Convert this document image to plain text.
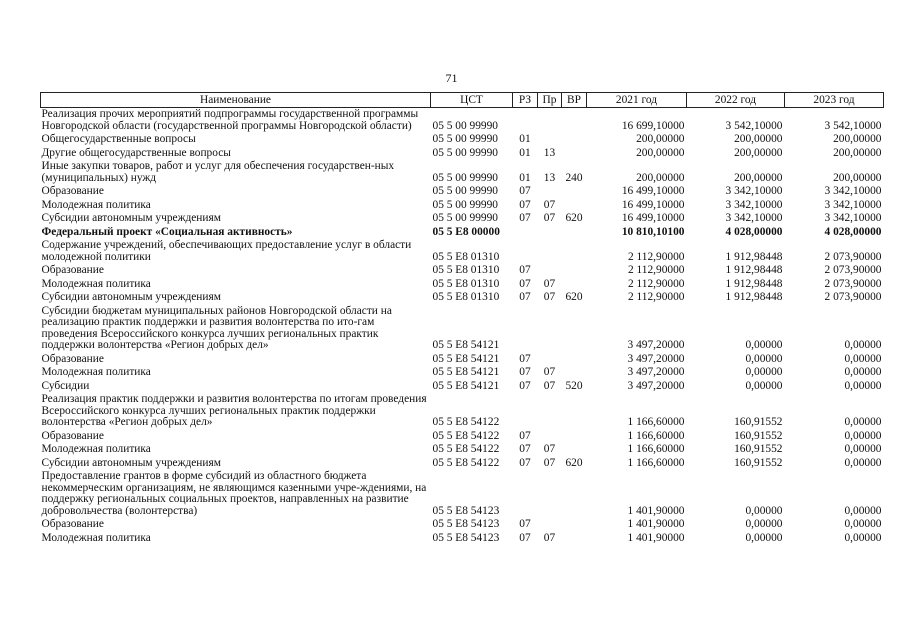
71
Наименование	ЦСТ	РЗ	Пр	ВР	2021 год	2022 год	2023 год
Реализация прочих мероприятий подпрограммы государственной программы Новгородской области (государственной программы Новгородской области)	05 5 00 99990				16 699,10000	3 542,10000	3 542,10000
Общегосударственные вопросы	05 5 00 99990	01			200,00000	200,00000	200,00000
Другие общегосударственные вопросы	05 5 00 99990	01	13		200,00000	200,00000	200,00000
Иные закупки товаров, работ и услуг для обеспечения государствен-ных (муниципальных) нужд	05 5 00 99990	01	13	240	200,00000	200,00000	200,00000
Образование	05 5 00 99990	07			16 499,10000	3 342,10000	3 342,10000
Молодежная политика	05 5 00 99990	07	07		16 499,10000	3 342,10000	3 342,10000
Субсидии автономным учреждениям	05 5 00 99990	07	07	620	16 499,10000	3 342,10000	3 342,10000
Федеральный проект «Социальная активность»	05 5 E8 00000				10 810,10100	4 028,00000	4 028,00000
Содержание учреждений, обеспечивающих предоставление услуг в области молодежной политики	05 5 E8 01310				2 112,90000	1 912,98448	2 073,90000
Образование	05 5 E8 01310	07			2 112,90000	1 912,98448	2 073,90000
Молодежная политика	05 5 E8 01310	07	07		2 112,90000	1 912,98448	2 073,90000
Субсидии автономным учреждениям	05 5 E8 01310	07	07	620	2 112,90000	1 912,98448	2 073,90000
Субсидии бюджетам муниципальных районов Новгородской области на реализацию практик поддержки и развития волонтерства по ито-гам проведения Всероссийского конкурса лучших региональных практик поддержки волонтерства «Регион добрых дел»	05 5 E8 54121				3 497,20000	0,00000	0,00000
Образование	05 5 E8 54121	07			3 497,20000	0,00000	0,00000
Молодежная политика	05 5 E8 54121	07	07		3 497,20000	0,00000	0,00000
Субсидии	05 5 E8 54121	07	07	520	3 497,20000	0,00000	0,00000
Реализация практик поддержки и развития волонтерства по итогам проведения Всероссийского конкурса лучших региональных практик поддержки волонтерства «Регион добрых дел»	05 5 E8 54122				1 166,60000	160,91552	0,00000
Образование	05 5 E8 54122	07			1 166,60000	160,91552	0,00000
Молодежная политика	05 5 E8 54122	07	07		1 166,60000	160,91552	0,00000
Субсидии автономным учреждениям	05 5 E8 54122	07	07	620	1 166,60000	160,91552	0,00000
Предоставление грантов в форме субсидий из областного бюджета некоммерческим организациям, не являющимся казенными учре-ждениями, на поддержку региональных социальных проектов, направленных на развитие добровольчества (волонтерства)	05 5 E8 54123				1 401,90000	0,00000	0,00000
Образование	05 5 E8 54123	07			1 401,90000	0,00000	0,00000
Молодежная политика	05 5 E8 54123	07	07		1 401,90000	0,00000	0,00000
